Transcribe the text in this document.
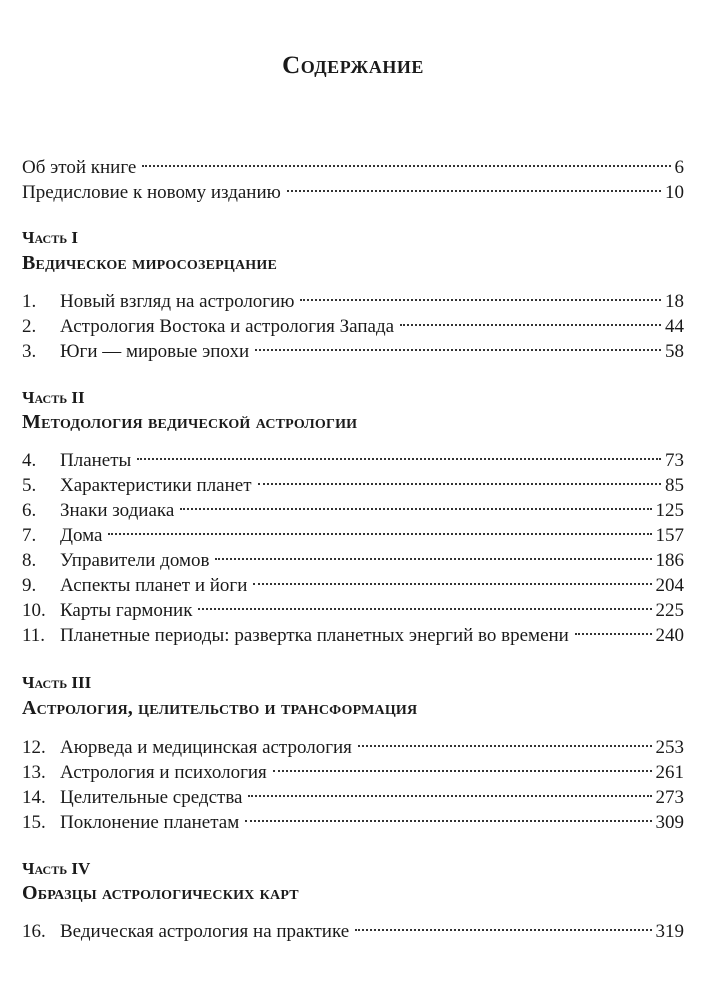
Содержание
Об этой книге	6
Предисловие к новому изданию	10
Часть I
Ведическое миросозерцание
1.	Новый взгляд на астрологию	18
2.	Астрология Востока и астрология Запада	44
3.	Юги — мировые эпохи	58
Часть II
Методология ведической астрологии
4.	Планеты	73
5.	Характеристики планет	85
6.	Знаки зодиака	125
7.	Дома	157
8.	Управители домов	186
9.	Аспекты планет и йоги	204
10. Карты гармоник	225
11. Планетные периоды: развертка планетных энергий во времени	240
Часть III
Астрология, целительство и трансформация
12. Аюрведа и медицинская астрология	253
13. Астрология и психология	261
14. Целительные средства	273
15. Поклонение планетам	309
Часть IV
Образцы астрологических карт
16. Ведическая астрология на практике	319
